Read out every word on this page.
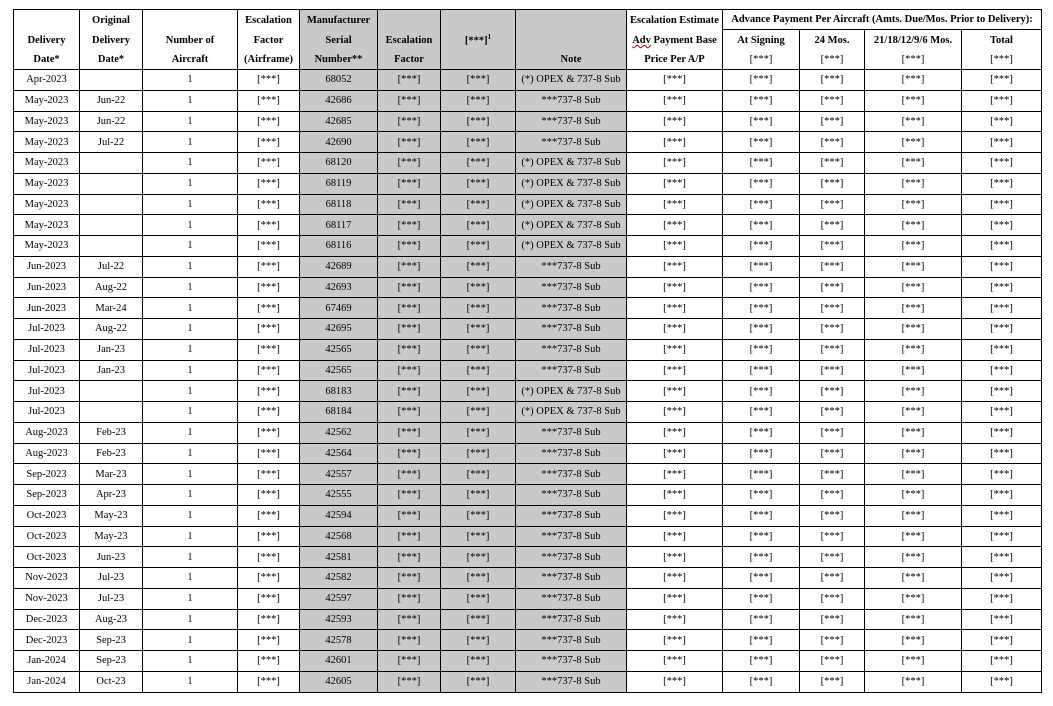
	Original		Escalation	Manufacturer		$[***]^1$	Note	Escalation Estimate	Advance Payment Per Aircraft (Amts. Due/Mos. Prior to Delivery):			
Delivery	Delivery	Number of	Factor	Serial	Escalation			Adv Payment Base	At Signing	24 Mos.	21/18/12/9/6 Mos.	Total
Date*	Date*	Aircraft	(Airframe)	Number**	Factor			Price Per A/P	[***]	[***]	[***]	[***]
Apr-2023		1	[***]	68052	[***]	[***]	(*) OPEX & 737-8 Sub	[***]	[***]	[***]	[***]	[***]
May-2023	Jun-22	1	[***]	42686	[***]	[***]	***737-8 Sub	[***]	[***]	[***]	[***]	[***]
May-2023	Jun-22	1	[***]	42685	[***]	[***]	***737-8 Sub	[***]	[***]	[***]	[***]	[***]
May-2023	Jul-22	1	[***]	42690	[***]	[***]	***737-8 Sub	[***]	[***]	[***]	[***]	[***]
May-2023		1	[***]	68120	[***]	[***]	(*) OPEX & 737-8 Sub	[***]	[***]	[***]	[***]	[***]
May-2023		1	[***]	68119	[***]	[***]	(*) OPEX & 737-8 Sub	[***]	[***]	[***]	[***]	[***]
May-2023		1	[***]	68118	[***]	[***]	(*) OPEX & 737-8 Sub	[***]	[***]	[***]	[***]	[***]
May-2023		1	[***]	68117	[***]	[***]	(*) OPEX & 737-8 Sub	[***]	[***]	[***]	[***]	[***]
May-2023		1	[***]	68116	[***]	[***]	(*) OPEX & 737-8 Sub	[***]	[***]	[***]	[***]	[***]
Jun-2023	Jul-22	1	[***]	42689	[***]	[***]	***737-8 Sub	[***]	[***]	[***]	[***]	[***]
Jun-2023	Aug-22	1	[***]	42693	[***]	[***]	***737-8 Sub	[***]	[***]	[***]	[***]	[***]
Jun-2023	Mar-24	1	[***]	67469	[***]	[***]	***737-8 Sub	[***]	[***]	[***]	[***]	[***]
Jul-2023	Aug-22	1	[***]	42695	[***]	[***]	***737-8 Sub	[***]	[***]	[***]	[***]	[***]
Jul-2023	Jan-23	1	[***]	42565	[***]	[***]	***737-8 Sub	[***]	[***]	[***]	[***]	[***]
Jul-2023	Jan-23	1	[***]	42565	[***]	[***]	***737-8 Sub	[***]	[***]	[***]	[***]	[***]
Jul-2023		1	[***]	68183	[***]	[***]	(*) OPEX & 737-8 Sub	[***]	[***]	[***]	[***]	[***]
Jul-2023		1	[***]	68184	[***]	[***]	(*) OPEX & 737-8 Sub	[***]	[***]	[***]	[***]	[***]
Aug-2023	Feb-23	1	[***]	42562	[***]	[***]	***737-8 Sub	[***]	[***]	[***]	[***]	[***]
Aug-2023	Feb-23	1	[***]	42564	[***]	[***]	***737-8 Sub	[***]	[***]	[***]	[***]	[***]
Sep-2023	Mar-23	1	[***]	42557	[***]	[***]	***737-8 Sub	[***]	[***]	[***]	[***]	[***]
Sep-2023	Apr-23	1	[***]	42555	[***]	[***]	***737-8 Sub	[***]	[***]	[***]	[***]	[***]
Oct-2023	May-23	1	[***]	42594	[***]	[***]	***737-8 Sub	[***]	[***]	[***]	[***]	[***]
Oct-2023	May-23	1	[***]	42568	[***]	[***]	***737-8 Sub	[***]	[***]	[***]	[***]	[***]
Oct-2023	Jun-23	1	[***]	42581	[***]	[***]	***737-8 Sub	[***]	[***]	[***]	[***]	[***]
Nov-2023	Jul-23	1	[***]	42582	[***]	[***]	***737-8 Sub	[***]	[***]	[***]	[***]	[***]
Nov-2023	Jul-23	1	[***]	42597	[***]	[***]	***737-8 Sub	[***]	[***]	[***]	[***]	[***]
Dec-2023	Aug-23	1	[***]	42593	[***]	[***]	***737-8 Sub	[***]	[***]	[***]	[***]	[***]
Dec-2023	Sep-23	1	[***]	42578	[***]	[***]	***737-8 Sub	[***]	[***]	[***]	[***]	[***]
Jan-2024	Sep-23	1	[***]	42601	[***]	[***]	***737-8 Sub	[***]	[***]	[***]	[***]	[***]
Jan-2024	Oct-23	1	[***]	42605	[***]	[***]	***737-8 Sub	[***]	[***]	[***]	[***]	[***]
